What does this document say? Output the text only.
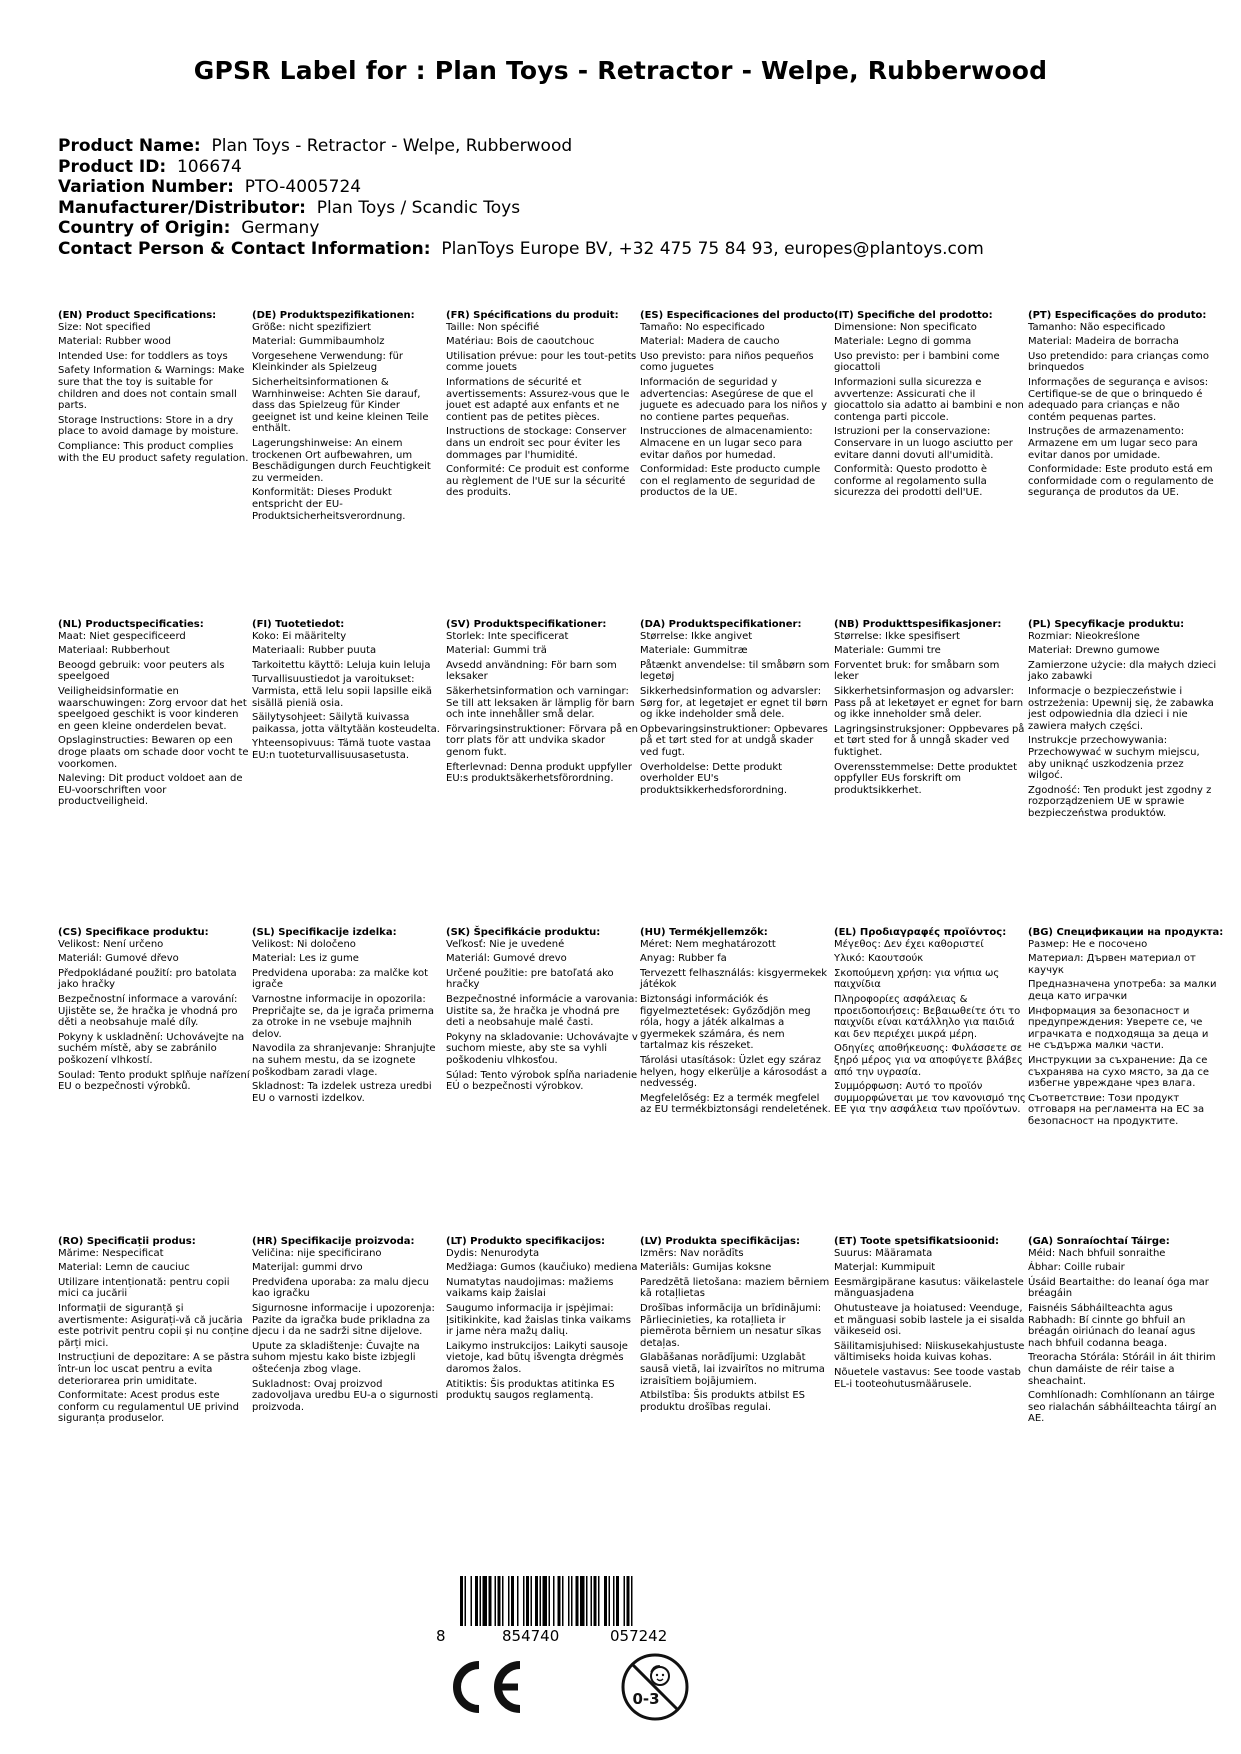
GPSR Label for : Plan Toys - Retractor - Welpe, Rubberwood
Product Name: Plan Toys - Retractor - Welpe, Rubberwood
Product ID: 106674
Variation Number: PTO-4005724
Manufacturer/Distributor: Plan Toys / Scandic Toys
Country of Origin: Germany
Contact Person & Contact Information: PlanToys Europe BV, +32 475 75 84 93, europes@plantoys.com
(EN) Product Specifications:
Size: Not specified
Material: Rubber wood
Intended Use: for toddlers as toys
Safety Information & Warnings: Make sure that the toy is suitable for children and does not contain small parts.
Storage Instructions: Store in a dry place to avoid damage by moisture.
Compliance: This product complies with the EU product safety regulation.
(DE) Produktspezifikationen:
Größe: nicht spezifiziert
Material: Gummibaumholz
Vorgesehene Verwendung: für Kleinkinder als Spielzeug
Sicherheitsinformationen & Warnhinweise: Achten Sie darauf, dass das Spielzeug für Kinder geeignet ist und keine kleinen Teile enthält.
Lagerungshinweise: An einem trockenen Ort aufbewahren, um Beschädigungen durch Feuchtigkeit zu vermeiden.
Konformität: Dieses Produkt entspricht der EU-Produktsicherheitsverordnung.
(FR) Spécifications du produit:
Taille: Non spécifié
Matériau: Bois de caoutchouc
Utilisation prévue: pour les tout-petits comme jouets
Informations de sécurité et avertissements: Assurez-vous que le jouet est adapté aux enfants et ne contient pas de petites pièces.
Instructions de stockage: Conserver dans un endroit sec pour éviter les dommages par l'humidité.
Conformité: Ce produit est conforme au règlement de l'UE sur la sécurité des produits.
(ES) Especificaciones del producto:
Tamaño: No especificado
Material: Madera de caucho
Uso previsto: para niños pequeños como juguetes
Información de seguridad y advertencias: Asegúrese de que el juguete es adecuado para los niños y no contiene partes pequeñas.
Instrucciones de almacenamiento: Almacene en un lugar seco para evitar daños por humedad.
Conformidad: Este producto cumple con el reglamento de seguridad de productos de la UE.
(IT) Specifiche del prodotto:
Dimensione: Non specificato
Materiale: Legno di gomma
Uso previsto: per i bambini come giocattoli
Informazioni sulla sicurezza e avvertenze: Assicurati che il giocattolo sia adatto ai bambini e non contenga parti piccole.
Istruzioni per la conservazione: Conservare in un luogo asciutto per evitare danni dovuti all'umidità.
Conformità: Questo prodotto è conforme al regolamento sulla sicurezza dei prodotti dell'UE.
(PT) Especificações do produto:
Tamanho: Não especificado
Material: Madeira de borracha
Uso pretendido: para crianças como brinquedos
Informações de segurança e avisos: Certifique-se de que o brinquedo é adequado para crianças e não contém pequenas partes.
Instruções de armazenamento: Armazene em um lugar seco para evitar danos por umidade.
Conformidade: Este produto está em conformidade com o regulamento de segurança de produtos da UE.
(NL) Productspecificaties:
Maat: Niet gespecificeerd
Materiaal: Rubberhout
Beoogd gebruik: voor peuters als speelgoed
Veiligheidsinformatie en waarschuwingen: Zorg ervoor dat het speelgoed geschikt is voor kinderen en geen kleine onderdelen bevat.
Opslaginstructies: Bewaren op een droge plaats om schade door vocht te voorkomen.
Naleving: Dit product voldoet aan de EU-voorschriften voor productveiligheid.
(FI) Tuotetiedot:
Koko: Ei määritelty
Materiaali: Rubber puuta
Tarkoitettu käyttö: Leluja kuin leluja
Turvallisuustiedot ja varoitukset: Varmista, että lelu sopii lapsille eikä sisällä pieniä osia.
Säilytysohjeet: Säilytä kuivassa paikassa, jotta vältytään kosteudelta.
Yhteensopivuus: Tämä tuote vastaa EU:n tuoteturvallisuusasetusta.
(SV) Produktspecifikationer:
Storlek: Inte specificerat
Material: Gummi trä
Avsedd användning: För barn som leksaker
Säkerhetsinformation och varningar: Se till att leksaken är lämplig för barn och inte innehåller små delar.
Förvaringsinstruktioner: Förvara på en torr plats för att undvika skador genom fukt.
Efterlevnad: Denna produkt uppfyller EU:s produktsäkerhetsförordning.
(DA) Produktspecifikationer:
Størrelse: Ikke angivet
Materiale: Gummitræ
Påtænkt anvendelse: til småbørn som legetøj
Sikkerhedsinformation og advarsler: Sørg for, at legetøjet er egnet til børn og ikke indeholder små dele.
Opbevaringsinstruktioner: Opbevares på et tørt sted for at undgå skader ved fugt.
Overholdelse: Dette produkt overholder EU's produktsikkerhedsforordning.
(NB) Produkttspesifikasjoner:
Størrelse: Ikke spesifisert
Materiale: Gummi tre
Forventet bruk: for småbarn som leker
Sikkerhetsinformasjon og advarsler: Pass på at leketøyet er egnet for barn og ikke inneholder små deler.
Lagringsinstruksjoner: Oppbevares på et tørt sted for å unngå skader ved fuktighet.
Overensstemmelse: Dette produktet oppfyller EUs forskrift om produktsikkerhet.
(PL) Specyfikacje produktu:
Rozmiar: Nieokreślone
Materiał: Drewno gumowe
Zamierzone użycie: dla małych dzieci jako zabawki
Informacje o bezpieczeństwie i ostrzeżenia: Upewnij się, że zabawka jest odpowiednia dla dzieci i nie zawiera małych części.
Instrukcje przechowywania: Przechowywać w suchym miejscu, aby uniknąć uszkodzenia przez wilgoć.
Zgodność: Ten produkt jest zgodny z rozporządzeniem UE w sprawie bezpieczeństwa produktów.
(CS) Specifikace produktu:
Velikost: Není určeno
Materiál: Gumové dřevo
Předpokládané použití: pro batolata jako hračky
Bezpečnostní informace a varování: Ujistěte se, že hračka je vhodná pro děti a neobsahuje malé díly.
Pokyny k uskladnění: Uchovávejte na suchém místě, aby se zabránilo poškození vlhkostí.
Soulad: Tento produkt splňuje nařízení EU o bezpečnosti výrobků.
(SL) Specifikacije izdelka:
Velikost: Ni določeno
Material: Les iz gume
Predvidena uporaba: za malčke kot igrače
Varnostne informacije in opozorila: Prepričajte se, da je igrača primerna za otroke in ne vsebuje majhnih delov.
Navodila za shranjevanje: Shranjujte na suhem mestu, da se izognete poškodbam zaradi vlage.
Skladnost: Ta izdelek ustreza uredbi EU o varnosti izdelkov.
(SK) Špecifikácie produktu:
Veľkosť: Nie je uvedené
Materiál: Gumové drevo
Určené použitie: pre batoľatá ako hračky
Bezpečnostné informácie a varovania: Uistite sa, že hračka je vhodná pre deti a neobsahuje malé časti.
Pokyny na skladovanie: Uchovávajte v suchom mieste, aby ste sa vyhli poškodeniu vlhkosťou.
Súlad: Tento výrobok spĺňa nariadenie EÚ o bezpečnosti výrobkov.
(HU) Termékjellemzők:
Méret: Nem meghatározott
Anyag: Rubber fa
Tervezett felhasználás: kisgyermekek játékok
Biztonsági információk és figyelmeztetések: Győződjön meg róla, hogy a játék alkalmas a gyermekek számára, és nem tartalmaz kis részeket.
Tárolási utasítások: Üzlet egy száraz helyen, hogy elkerülje a károsodást a nedvesség.
Megfelelőség: Ez a termék megfelel az EU termékbiztonsági rendeletének.
(EL) Προδιαγραφές προϊόντος:
Μέγεθος: Δεν έχει καθοριστεί
Υλικό: Καουτσούκ
Σκοπούμενη χρήση: για νήπια ως παιχνίδια
Πληροφορίες ασφάλειας & προειδοποιήσεις: Βεβαιωθείτε ότι το παιχνίδι είναι κατάλληλο για παιδιά και δεν περιέχει μικρά μέρη.
Οδηγίες αποθήκευσης: Φυλάσσετε σε ξηρό μέρος για να αποφύγετε βλάβες από την υγρασία.
Συμμόρφωση: Αυτό το προϊόν συμμορφώνεται με τον κανονισμό της ΕΕ για την ασφάλεια των προϊόντων.
(BG) Спецификации на продукта:
Размер: Не е посочено
Материал: Дървен материал от каучук
Предназначена употреба: за малки деца като играчки
Информация за безопасност и предупреждения: Уверете се, че играчката е подходяща за деца и не съдържа малки части.
Инструкции за съхранение: Да се съхранява на сухо място, за да се избегне увреждане чрез влага.
Съответствие: Този продукт отговаря на регламента на ЕС за безопасност на продуктите.
(RO) Specificații produs:
Mărime: Nespecificat
Material: Lemn de cauciuc
Utilizare intenționată: pentru copii mici ca jucării
Informații de siguranță și avertismente: Asigurați-vă că jucăria este potrivit pentru copii și nu conține părți mici.
Instrucțiuni de depozitare: A se păstra într-un loc uscat pentru a evita deteriorarea prin umiditate.
Conformitate: Acest produs este conform cu regulamentul UE privind siguranța produselor.
(HR) Specifikacije proizvoda:
Veličina: nije specificirano
Materijal: gummi drvo
Predviđena uporaba: za malu djecu kao igračku
Sigurnosne informacije i upozorenja: Pazite da igračka bude prikladna za djecu i da ne sadrži sitne dijelove.
Upute za skladištenje: Čuvajte na suhom mjestu kako biste izbjegli oštećenja zbog vlage.
Sukladnost: Ovaj proizvod zadovoljava uredbu EU-a o sigurnosti proizvoda.
(LT) Produkto specifikacijos:
Dydis: Nenurodyta
Medžiaga: Gumos (kaučiuko) mediena
Numatytas naudojimas: mažiems vaikams kaip žaislai
Saugumo informacija ir įspėjimai: Įsitikinkite, kad žaislas tinka vaikams ir jame nėra mažų dalių.
Laikymo instrukcijos: Laikyti sausoje vietoje, kad būtų išvengta drėgmės daromos žalos.
Atitiktis: Šis produktas atitinka ES produktų saugos reglamentą.
(LV) Produkta specifikācijas:
Izmērs: Nav norādīts
Materiāls: Gumijas koksne
Paredzētā lietošana: maziem bērniem kā rotaļlietas
Drošības informācija un brīdinājumi: Pārliecinieties, ka rotaļlieta ir piemērota bērniem un nesatur sīkas detaļas.
Glabāšanas norādījumi: Uzglabāt sausā vietā, lai izvairītos no mitruma izraisītiem bojājumiem.
Atbilstība: Šis produkts atbilst ES produktu drošības regulai.
(ET) Toote spetsifikatsioonid:
Suurus: Määramata
Materjal: Kummipuit
Eesmärgipärane kasutus: väikelastele mänguasjadena
Ohutusteave ja hoiatused: Veenduge, et mänguasi sobib lastele ja ei sisalda väikeseid osi.
Säilitamisjuhised: Niiskusekahjustuste vältimiseks hoida kuivas kohas.
Nõuetele vastavus: See toode vastab EL-i tooteohutusmäärusele.
(GA) Sonraíochtaí Táirge:
Méid: Nach bhfuil sonraithe
Ábhar: Coille rubair
Úsáid Beartaithe: do leanaí óga mar bréagáin
Faisnéis Sábháilteachta agus Rabhadh: Bí cinnte go bhfuil an bréagán oiriúnach do leanaí agus nach bhfuil codanna beaga.
Treoracha Stórála: Stóráil in áit thirim chun damáiste de réir taise a sheachaint.
Comhlíonadh: Comhlíonann an táirge seo rialachán sábháilteachta táirgí an AE.
8	854740	057242
0-3
